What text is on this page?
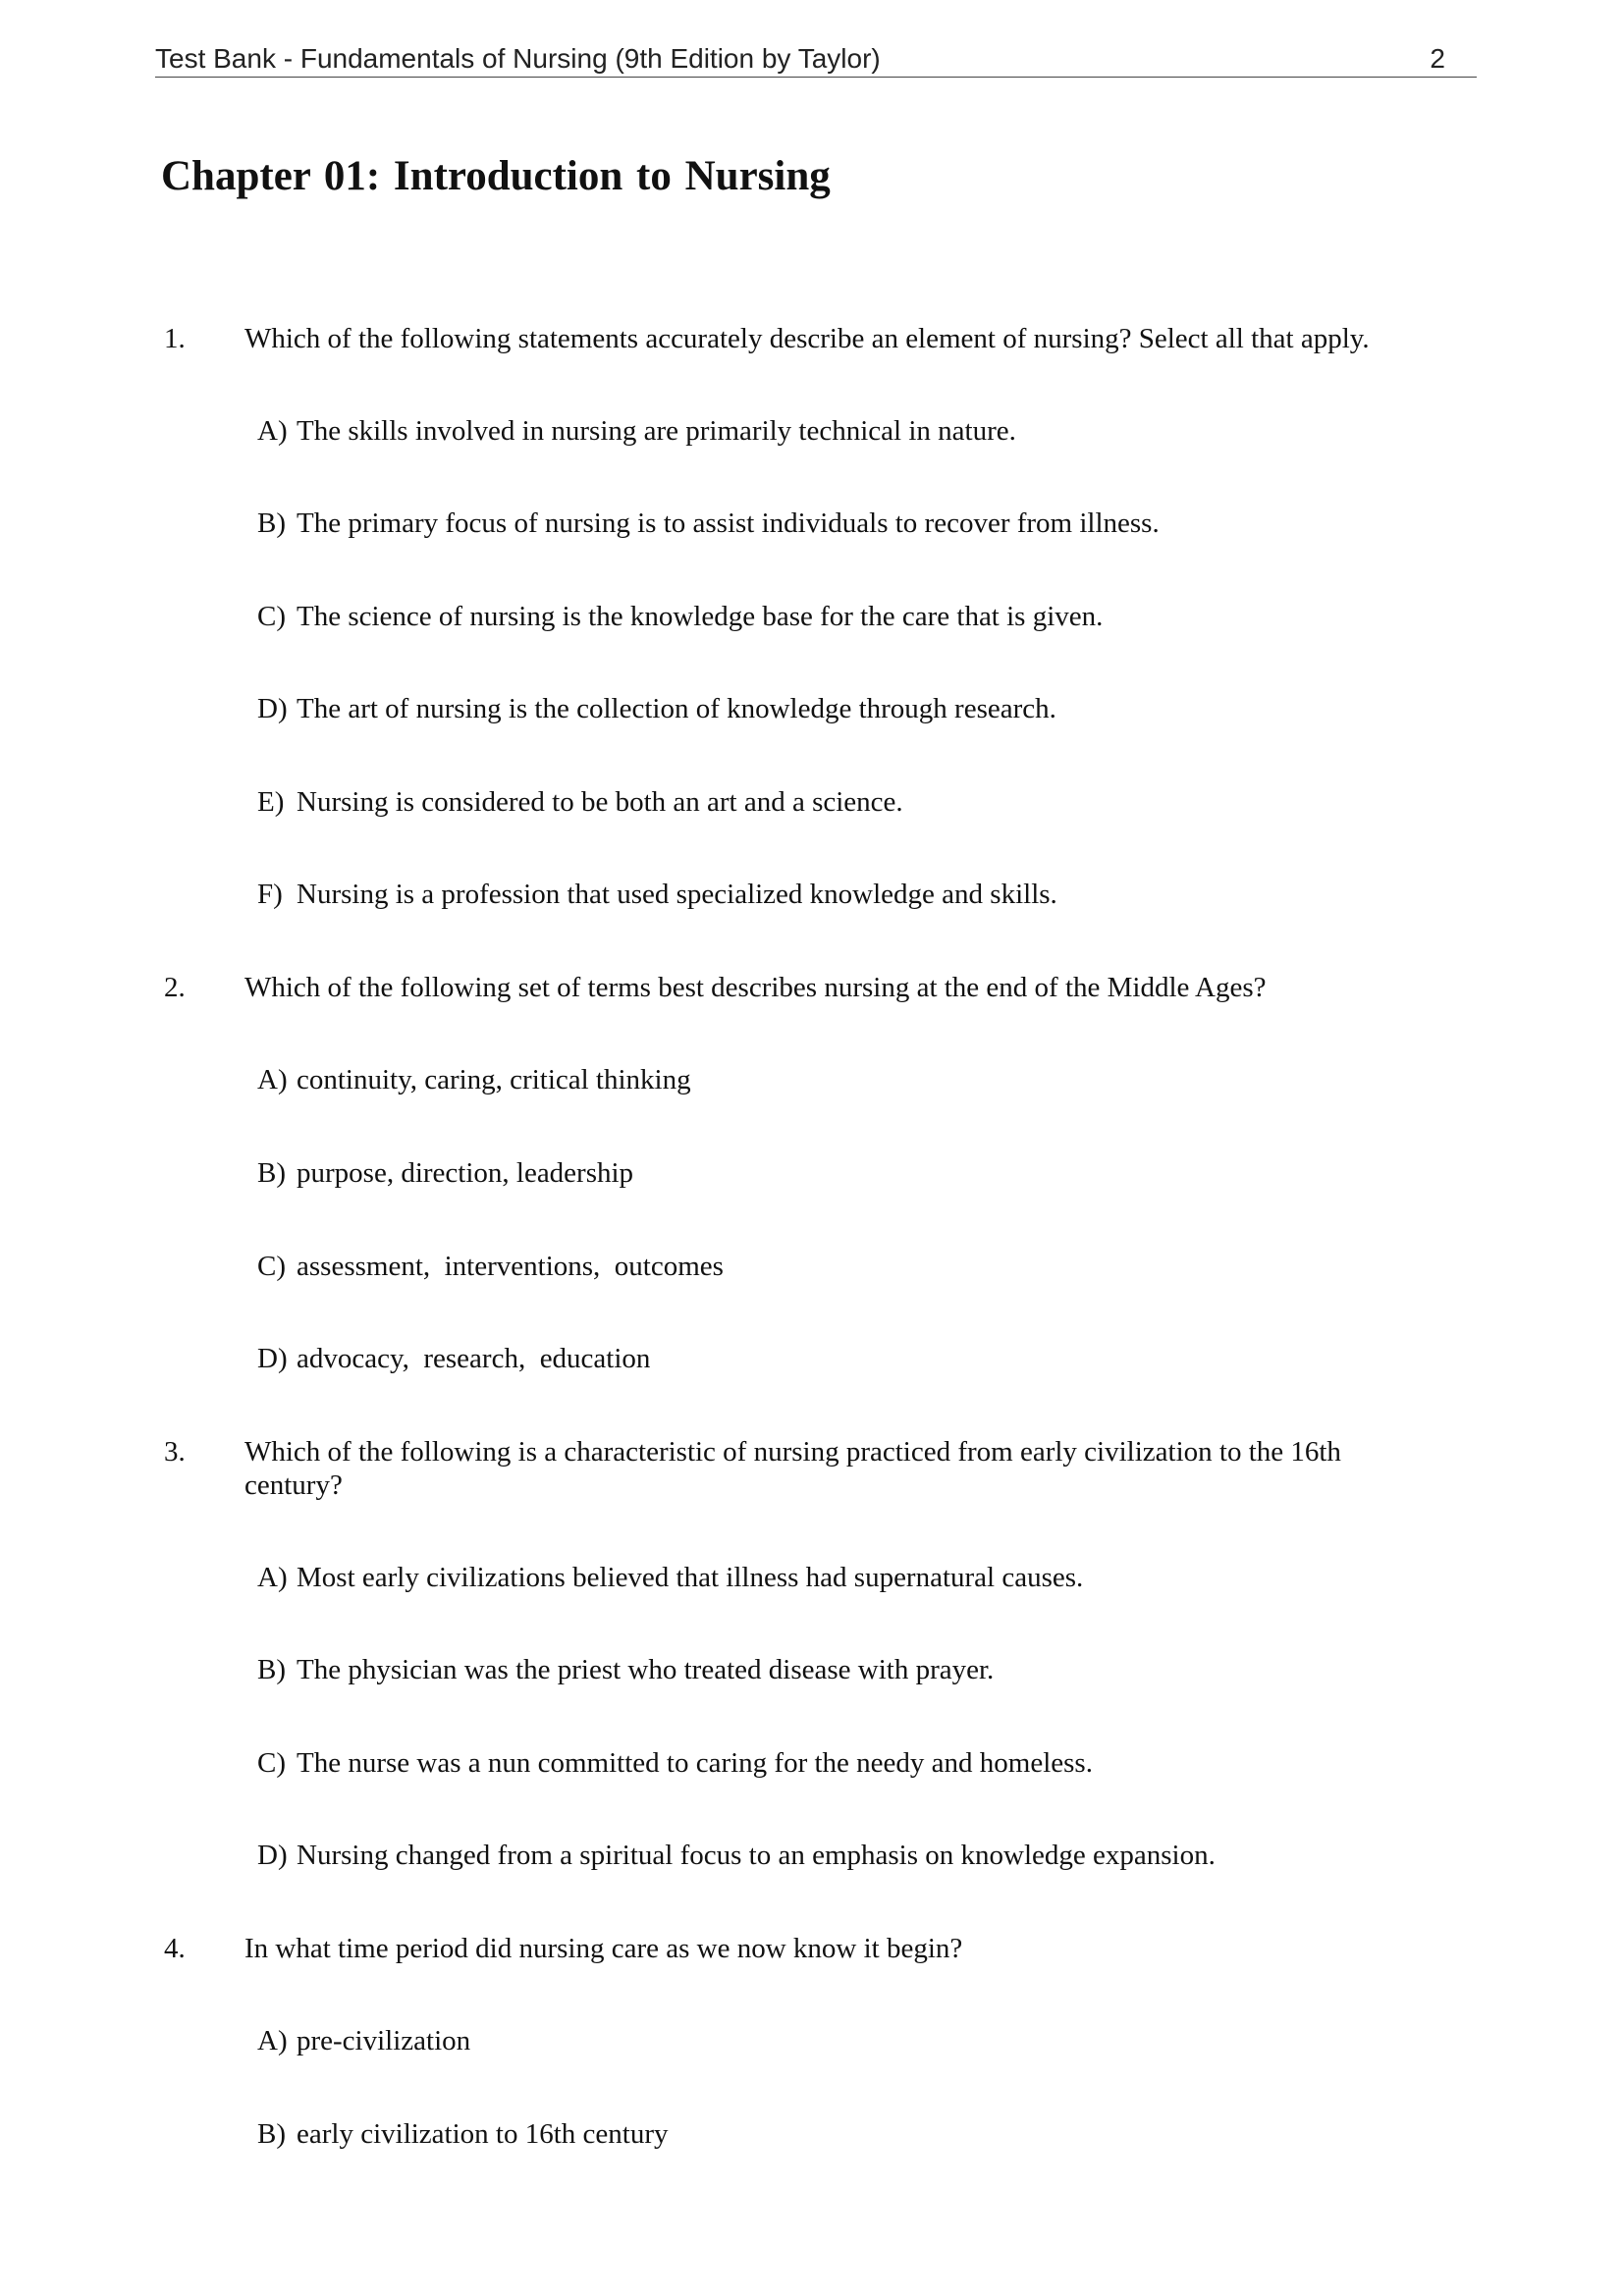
Test Bank - Fundamentals of Nursing (9th Edition by Taylor)	2
Chapter 01: Introduction to Nursing
1. Which of the following statements accurately describe an element of nursing? Select all that apply.
A) The skills involved in nursing are primarily technical in nature.
B) The primary focus of nursing is to assist individuals to recover from illness.
C) The science of nursing is the knowledge base for the care that is given.
D) The art of nursing is the collection of knowledge through research.
E) Nursing is considered to be both an art and a science.
F) Nursing is a profession that used specialized knowledge and skills.
2. Which of the following set of terms best describes nursing at the end of the Middle Ages?
A) continuity, caring, critical thinking
B) purpose, direction, leadership
C) assessment,  interventions,  outcomes
D) advocacy,  research,  education
3. Which of the following is a characteristic of nursing practiced from early civilization to the 16th century?
A) Most early civilizations believed that illness had supernatural causes.
B) The physician was the priest who treated disease with prayer.
C) The nurse was a nun committed to caring for the needy and homeless.
D) Nursing changed from a spiritual focus to an emphasis on knowledge expansion.
4. In what time period did nursing care as we now know it begin?
A) pre-civilization
B) early civilization to 16th century
